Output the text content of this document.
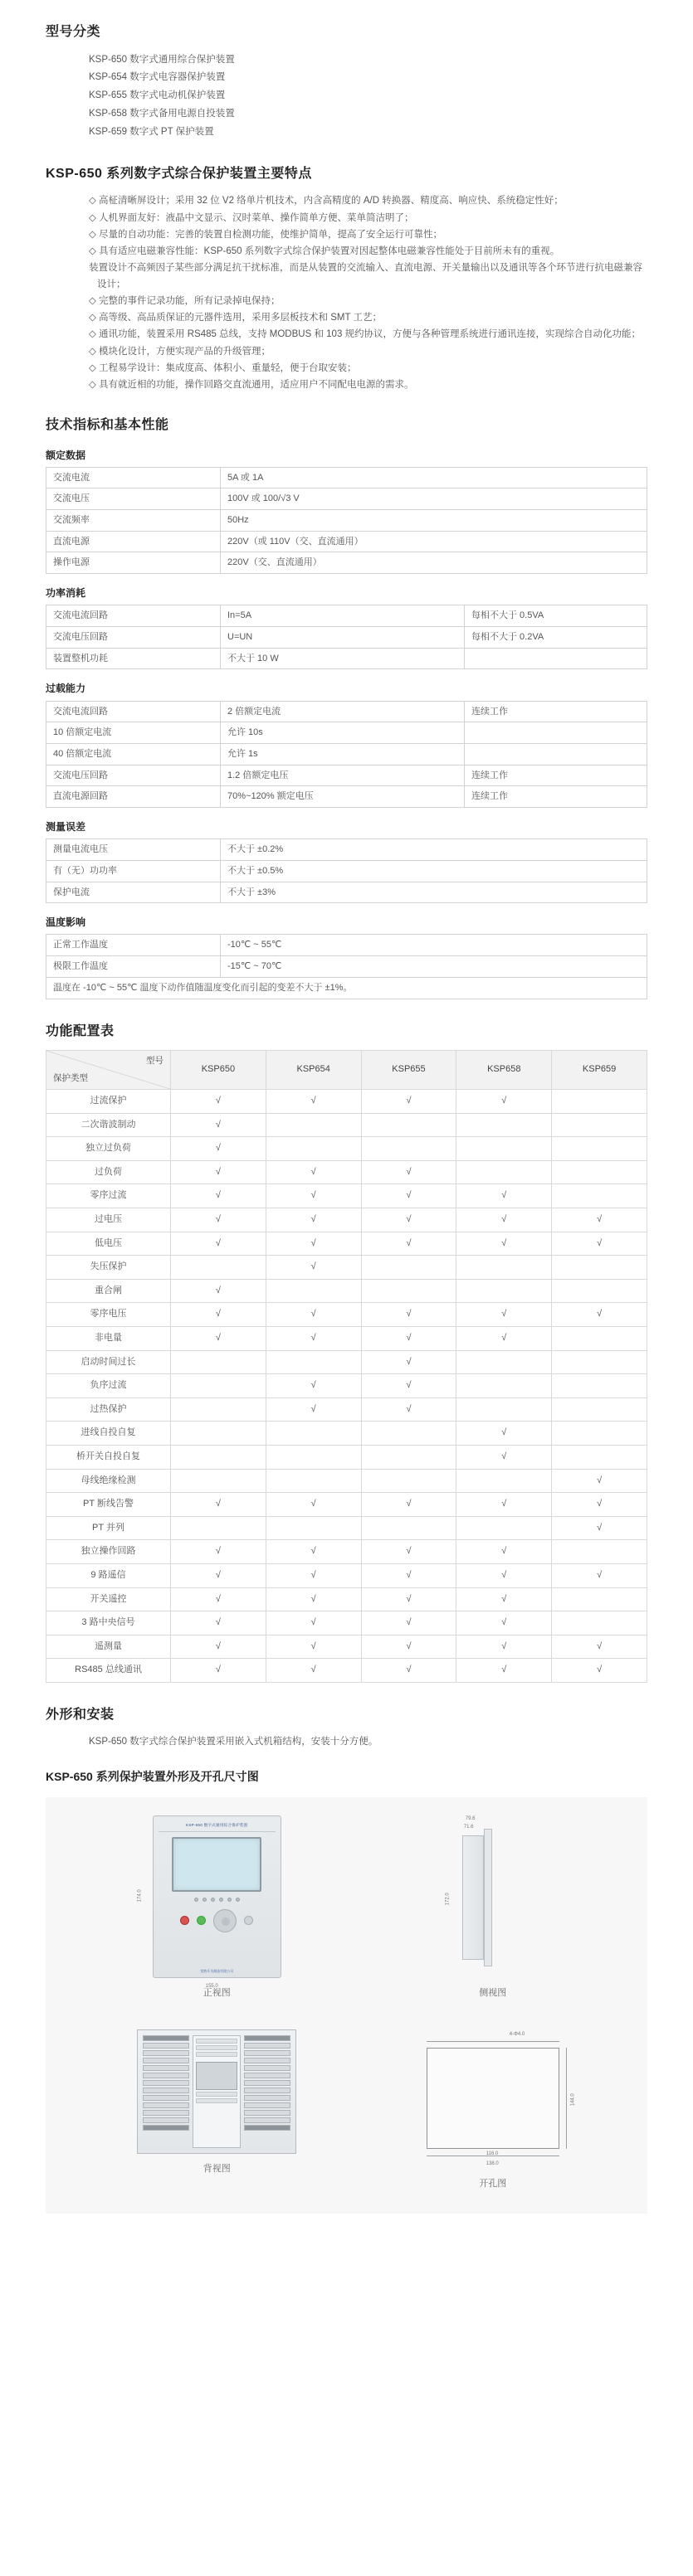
型号分类
KSP-650 数字式通用综合保护装置
KSP-654 数字式电容器保护装置
KSP-655 数字式电动机保护装置
KSP-658 数字式备用电源自投装置
KSP-659 数字式 PT 保护装置
KSP-650 系列数字式综合保护装置主要特点
◇ 高柾清晰屏设计；采用 32 位 V2 络单片机技术，内含高精度的 A/D 转换器、精度高、响应快、系统稳定性好；
◇ 人机界面友好：液晶中文显示、汉时菜单、操作简单方便、菜单简洁明了；
◇ 尽量的自动功能：完善的装置自检测功能，使维护简单，提高了安全运行可靠性；
◇ 具有适应电磁兼容性能：KSP-650 系列数字式综合保护装置对因起整体电磁兼容性能处于目前所未有的重视。
装置设计不高频因子某些部分满足抗干扰标准，而是从装置的交流输入、直流电源、开关量输出以及通讯等各个环节进行抗电磁兼容设计；
◇ 完整的事件记录功能，所有记录掉电保持；
◇ 高等级、高品质保证的元器件选用，采用多层板技术和 SMT 工艺；
◇ 通讯功能，装置采用 RS485 总线，支持 MODBUS 和 103 规约协议，方便与各种管理系统进行通讯连接，实现综合自动化功能；
◇ 模块化设计，方便实现产品的升级管理；
◇ 工程易学设计：集成度高、体积小、重量轻，便于台取安装；
◇ 具有就近相的功能，操作回路交直流通用，适应用户不同配电电源的需求。
技术指标和基本性能
额定数据
交流电流	5A 或 1A
交流电压	100V 或 100/√3 V
交流频率	50Hz
直流电源	220V（或 110V（交、直流通用）
操作电源	220V（交、直流通用）
功率消耗
交流电流回路	In=5A	每相不大于 0.5VA
交流电压回路	U=UN	每相不大于 0.2VA
装置整机功耗	不大于 10 W	
过载能力
交流电流回路	2 倍额定电流	连续工作
10 倍额定电流	允许 10s	
40 倍额定电流	允许 1s	
交流电压回路	1.2 倍额定电压	连续工作
直流电源回路	70%~120% 额定电压	连续工作
测量误差
测量电流电压	不大于 ±0.2%
有（无）功功率	不大于 ±0.5%
保护电流	不大于 ±3%
温度影响
正常工作温度	-10℃ ~ 55℃
极限工作温度	-15℃ ~ 70℃
温度在 -10℃ ~ 55℃ 温度下动作值随温度变化而引起的变差不大于 ±1%。	
功能配置表
型号
保护类型	KSP650	KSP654	KSP655	KSP658	KSP659
过流保护	√	√	√	√	
二次谐波制动	√				
独立过负荷	√				
过负荷	√	√	√		
零序过流	√	√	√	√	
过电压	√	√	√	√	√
低电压	√	√	√	√	√
失压保护		√			
重合闸	√				
零序电压	√	√	√	√	√
非电量	√	√	√	√	
启动时间过长			√		
负序过流		√	√		
过热保护		√	√		
进线自投自复				√	
桥开关自投自复				√	
母线绝缘检测					√
PT 断线告警	√	√	√	√	√
PT 并列					√
独立操作回路	√	√	√	√	
9 路遥信	√	√	√	√	√
开关遥控	√	√	√	√	
3 路中央信号	√	√	√	√	
遥测量	√	√	√	√	√
RS485 总线通讯	√	√	√	√	√
外形和安装

KSP-650 数字式综合保护装置采用嵌入式机箱结构，安装十分方便。

KSP-650 系列保护装置外形及开孔尺寸图
KSP-650 数字式通用综合保护装置
常熟开关制造有限公司
174.0
155.0
正视图
79.6
71.6
172.0
侧视图
背视图
4-Φ4.0
144.0
116.0
138.0
开孔图
